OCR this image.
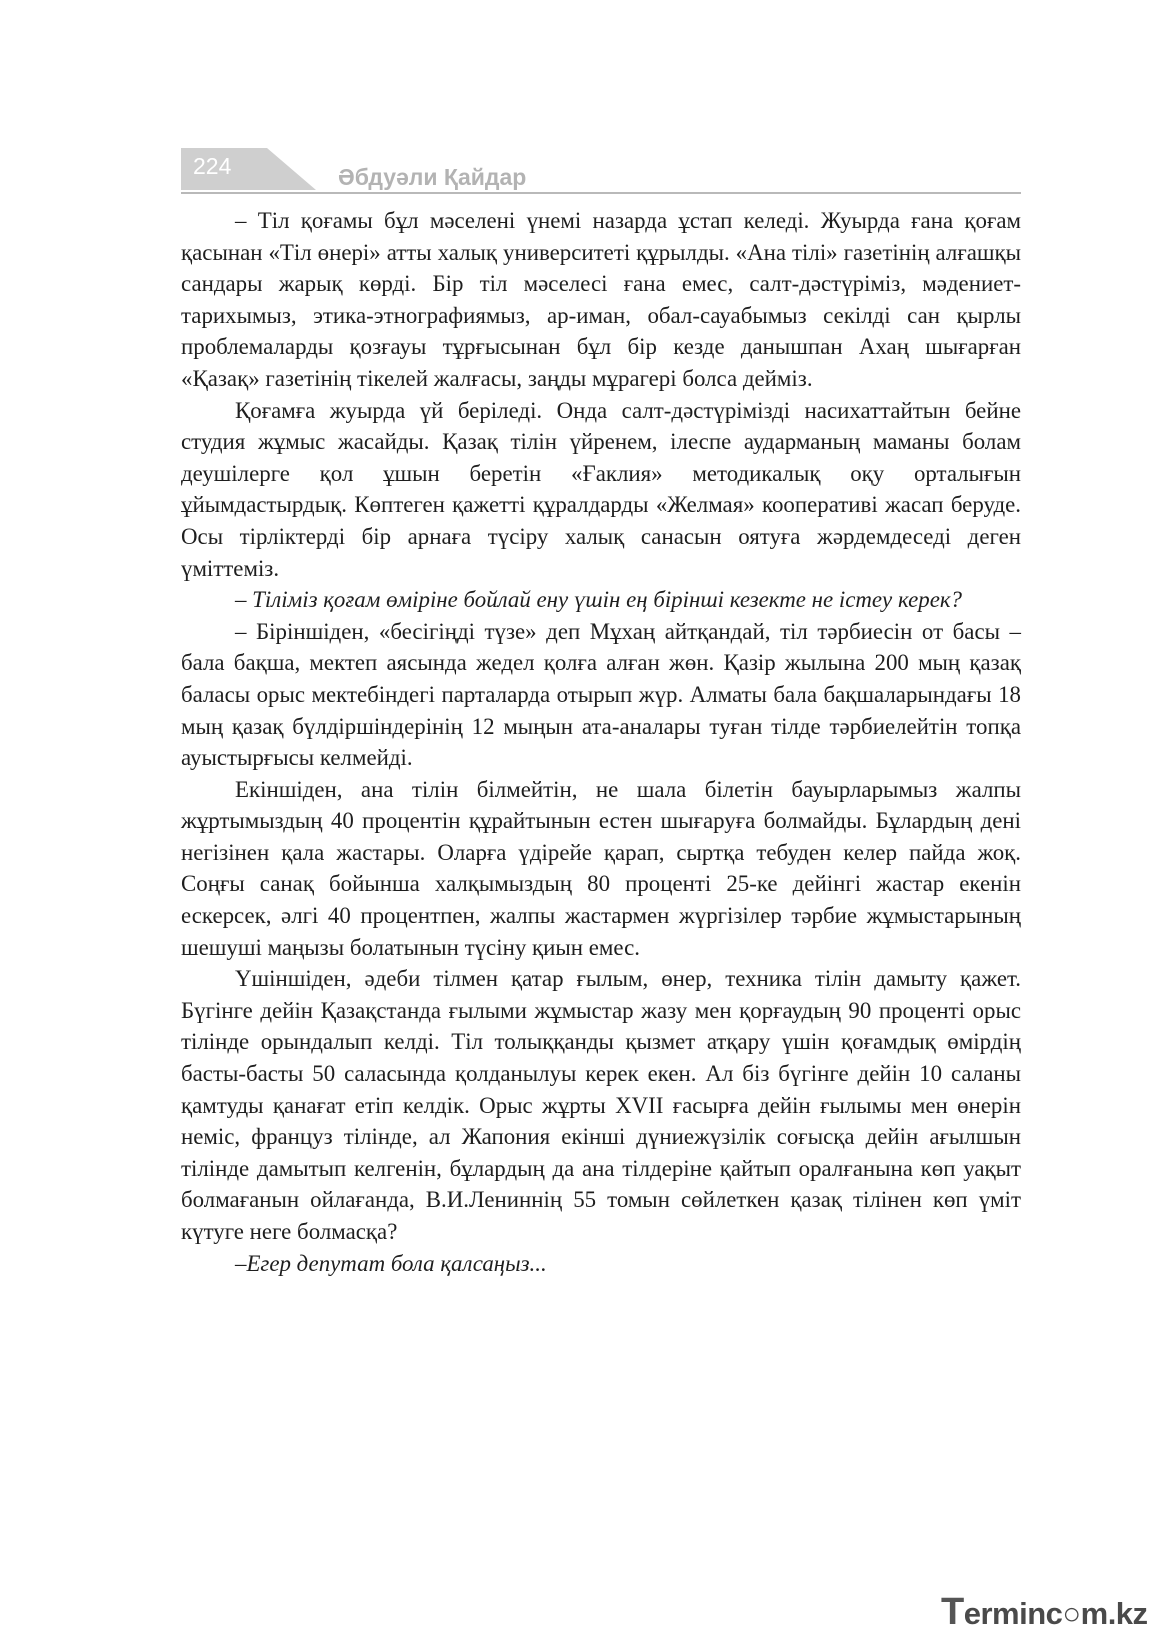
224	Әбдуәли Қайдар

– Тіл қоғамы бұл мәселені үнемі назарда ұстап келеді. Жуырда ғана қоғам қасынан «Тіл өнері» атты халық университеті құрылды. «Ана тілі» газетінің алғашқы сандары жарық көрді. Бір тіл мәселесі ғана емес, салт-дәстүріміз, мәдениет-тарихымыз, этика-этнографиямыз, ар-иман, обал-сауабымыз секілді сан қырлы проблемаларды қозғауы тұрғысынан бұл бір кезде данышпан Ахаң шығарған «Қазақ» газетінің тікелей жалғасы, заңды мұрагері болса дейміз.

Қоғамға жуырда үй беріледі. Онда салт-дәстүрімізді насихаттайтын бейне студия жұмыс жасайды. Қазақ тілін үйренем, ілеспе аударманың маманы болам деушілерге қол ұшын беретін «Ғаклия» методикалық оқу орталығын ұйымдастырдық. Көптеген қажетті құралдарды «Желмая» кооперативі жасап беруде. Осы тірліктерді бір арнаға түсіру халық санасын оятуға жәрдемдеседі деген үміттеміз.

– Тіліміз қоғам өміріне бойлай ену үшін ең бірінші кезекте не істеу керек?

– Біріншіден, «бесігіңді түзе» деп Мұхаң айтқандай, тіл тәрбиесін от басы – бала бақша, мектеп аясында жедел қолға алған жөн. Қазір жылына 200 мың қазақ баласы орыс мектебіндегі парталарда отырып жүр. Алматы бала бақшаларындағы 18 мың қазақ бүлдіршіндерінің 12 мыңын ата-аналары туған тілде тәрбиелейтін топқа ауыстырғысы келмейді.

Екіншіден, ана тілін білмейтін, не шала білетін бауырларымыз жалпы жұртымыздың 40 процентін құрайтынын естен шығаруға болмайды. Бұлардың дені негізінен қала жастары. Оларға үдірейе қарап, сыртқа тебуден келер пайда жоқ. Соңғы санақ бойынша халқымыздың 80 проценті 25-ке дейінгі жастар екенін ескерсек, әлгі 40 процентпен, жалпы жастармен жүргізілер тәрбие жұмыстарының шешуші маңызы болатынын түсіну қиын емес.

Үшіншіден, әдеби тілмен қатар ғылым, өнер, техника тілін дамыту қажет. Бүгінге дейін Қазақстанда ғылыми жұмыстар жазу мен қорғаудың 90 проценті орыс тілінде орындалып келді. Тіл толыққанды қызмет атқару үшін қоғамдық өмірдің басты-басты 50 саласында қолданылуы керек екен. Ал біз бүгінге дейін 10 саланы қамтуды қанағат етіп келдік. Орыс жұрты XVII ғасырға дейін ғылымы мен өнерін неміс, француз тілінде, ал Жапония екінші дүниежүзілік соғысқа дейін ағылшын тілінде дамытып келгенін, бұлардың да ана тілдеріне қайтып оралғанына көп уақыт болмағанын ойлағанда, В.И.Лениннің 55 томын сөйлеткен қазақ тілінен көп үміт күтуге неге болмасқа?

–Егер депутат бола қалсаңыз...

Terminc○m.kz
